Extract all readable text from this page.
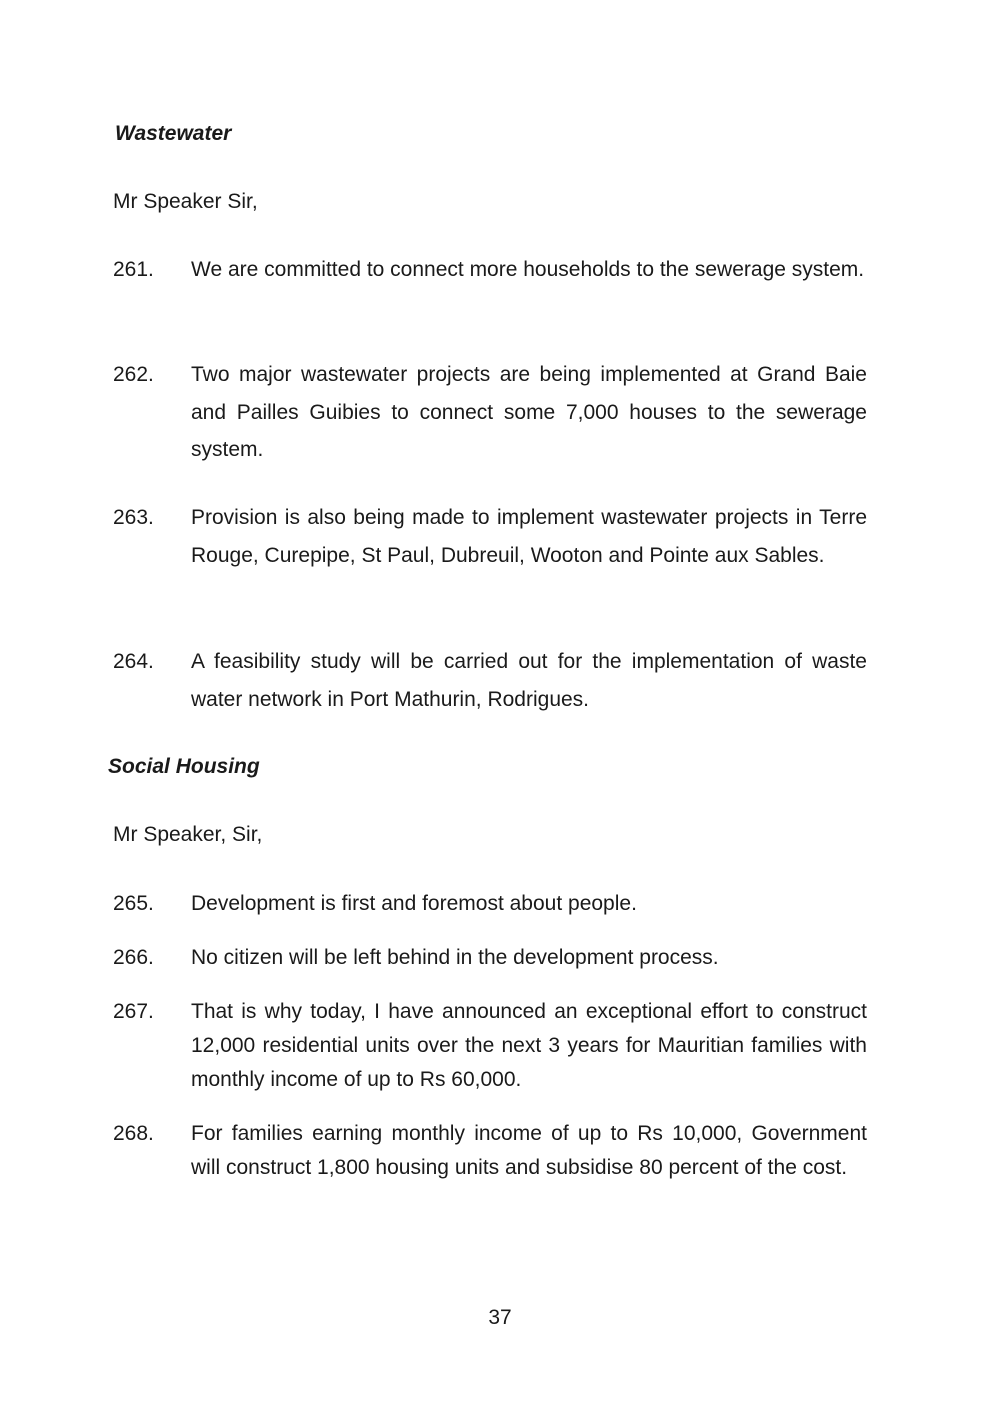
Wastewater

Mr Speaker Sir,

261.	We are committed to connect more households to the sewerage system.
262.	Two major wastewater projects are being implemented at Grand Baie and Pailles Guibies to connect some 7,000 houses to the sewerage system.
263.	Provision is also being made to implement wastewater projects in Terre Rouge, Curepipe, St Paul, Dubreuil, Wooton and Pointe aux Sables.
264.	A feasibility study will be carried out for the implementation of waste water network in Port Mathurin, Rodrigues.
Social Housing

Mr Speaker, Sir,

265.	Development is first and foremost about people.
266.	No citizen will be left behind in the development process.
267.	That is why today, I have announced an exceptional effort to construct 12,000 residential units over the next 3 years for Mauritian families with monthly income of up to Rs 60,000.
268.	For families earning monthly income of up to Rs 10,000, Government will construct 1,800 housing units and subsidise 80 percent of the cost.
37
